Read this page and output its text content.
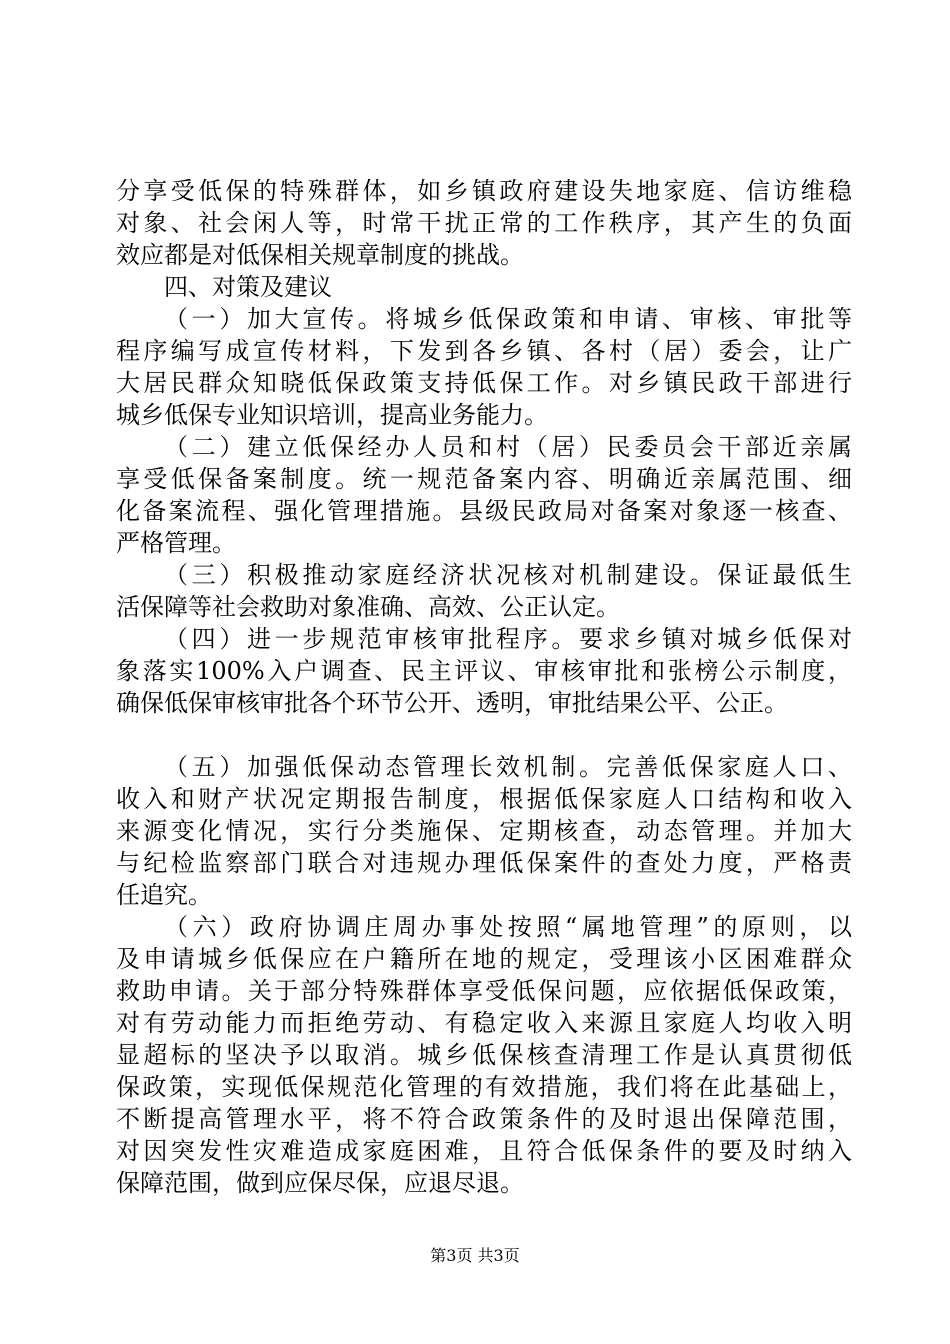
分享受低保的特殊群体，如乡镇政府建设失地家庭、信访维稳
对象、社会闲人等，时常干扰正常的工作秩序，其产生的负面
效应都是对低保相关规章制度的挑战。
四、对策及建议
（一）加大宣传。将城乡低保政策和申请、审核、审批等
程序编写成宣传材料，下发到各乡镇、各村（居）委会，让广
大居民群众知晓低保政策支持低保工作。对乡镇民政干部进行
城乡低保专业知识培训，提高业务能力。
（二）建立低保经办人员和村（居）民委员会干部近亲属
享受低保备案制度。统一规范备案内容、明确近亲属范围、细
化备案流程、强化管理措施。县级民政局对备案对象逐一核查、
严格管理。
（三）积极推动家庭经济状况核对机制建设。保证最低生
活保障等社会救助对象准确、高效、公正认定。
（四）进一步规范审核审批程序。要求乡镇对城乡低保对
象落实100%入户调查、民主评议、审核审批和张榜公示制度，
确保低保审核审批各个环节公开、透明，审批结果公平、公正。
（五）加强低保动态管理长效机制。完善低保家庭人口、
收入和财产状况定期报告制度，根据低保家庭人口结构和收入
来源变化情况，实行分类施保、定期核查，动态管理。并加大
与纪检监察部门联合对违规办理低保案件的查处力度，严格责
任追究。
（六）政府协调庄周办事处按照“属地管理”的原则，以
及申请城乡低保应在户籍所在地的规定，受理该小区困难群众
救助申请。关于部分特殊群体享受低保问题，应依据低保政策，
对有劳动能力而拒绝劳动、有稳定收入来源且家庭人均收入明
显超标的坚决予以取消。城乡低保核查清理工作是认真贯彻低
保政策，实现低保规范化管理的有效措施，我们将在此基础上，
不断提高管理水平，将不符合政策条件的及时退出保障范围，
对因突发性灾难造成家庭困难，且符合低保条件的要及时纳入
保障范围，做到应保尽保，应退尽退。
第3页 共3页
